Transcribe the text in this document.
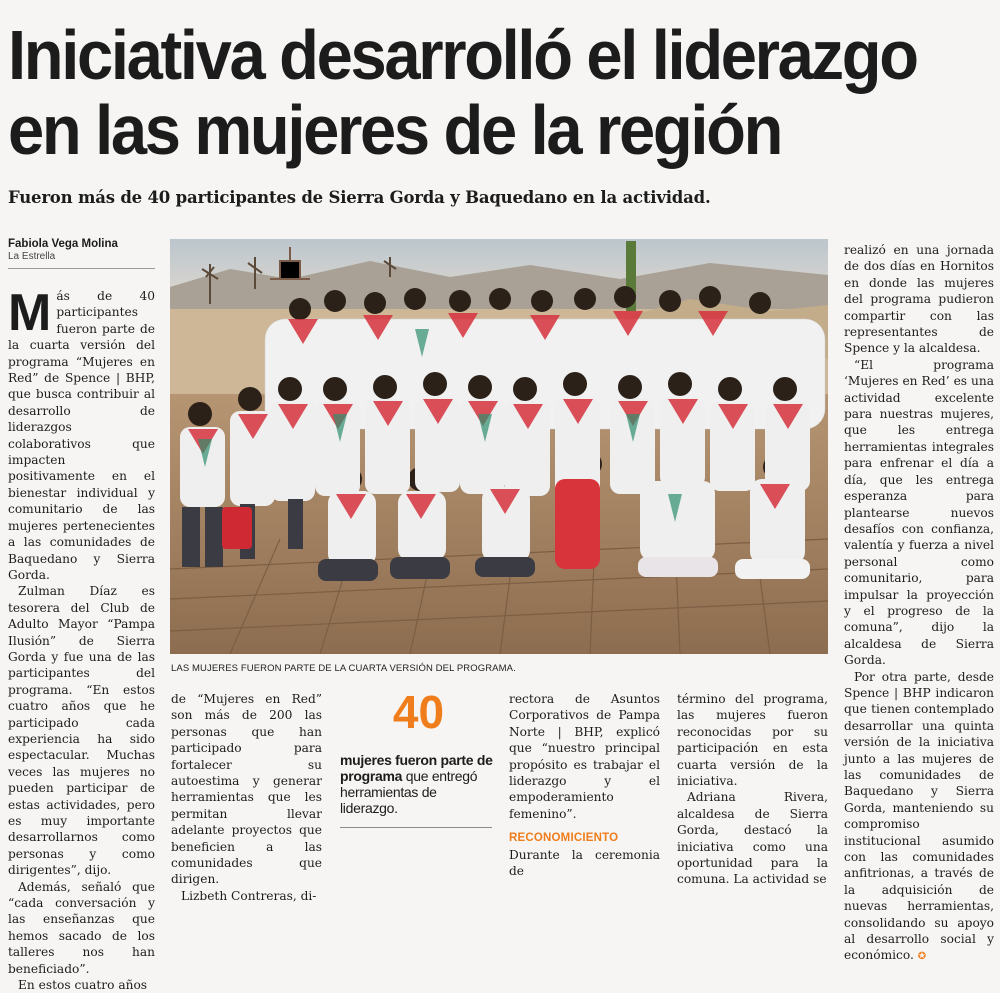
Iniciativa desarrolló el liderazgo
en las mujeres de la región
Fueron más de 40 participantes de Sierra Gorda y Baquedano en la actividad.
Fabiola Vega Molina
La Estrella

Más de 40 participantes fueron parte de la cuarta versión del programa “Mujeres en Red” de Spence | BHP, que busca contribuir al desarrollo de liderazgos colaborativos que impacten positivamente en el bienestar individual y comunitario de las mujeres pertenecientes a las comunidades de Baquedano y Sierra Gorda.

Zulman Díaz es tesorera del Club de Adulto Mayor “Pampa Ilusión” de Sierra Gorda y fue una de las participantes del programa. “En estos cuatro años que he participado cada experiencia ha sido espectacular. Muchas veces las mujeres no pueden participar de estas actividades, pero es muy importante desarrollarnos como personas y como dirigentes”, dijo.

Además, señaló que “cada conversación y las enseñanzas que hemos sacado de los talleres nos han beneficiado”.

En estos cuatro años

LAS MUJERES FUERON PARTE DE LA CUARTA VERSIÓN DEL PROGRAMA.

de “Mujeres en Red” son más de 200 las personas que han participado para fortalecer su autoestima y generar herramientas que les permitan llevar adelante proyectos que beneficien a las comunidades que dirigen.

Lizbeth Contreras, di-

40
mujeres fueron parte de programa que entregó herramientas de liderazgo.

rectora de Asuntos Corporativos de Pampa Norte | BHP, explicó que “nuestro principal propósito es trabajar el liderazgo y el empoderamiento femenino”.

RECONOMICIENTO

Durante la ceremonia de

término del programa, las mujeres fueron reconocidas por su participación en esta cuarta versión de la iniciativa.

Adriana Rivera, alcaldesa de Sierra Gorda, destacó la iniciativa como una oportunidad para la comuna. La actividad se

realizó en una jornada de dos días en Hornitos en donde las mujeres del programa pudieron compartir con las representantes de Spence y la alcaldesa.

“El programa ‘Mujeres en Red’ es una actividad excelente para nuestras mujeres, que les entrega herramientas integrales para enfrenar el día a día, que les entrega esperanza para plantearse nuevos desafíos con confianza, valentía y fuerza a nivel personal como comunitario, para impulsar la proyección y el progreso de la comuna”, dijo la alcaldesa de Sierra Gorda.

Por otra parte, desde Spence | BHP indicaron que tienen contemplado desarrollar una quinta versión de la iniciativa junto a las mujeres de las comunidades de Baquedano y Sierra Gorda, manteniendo su compromiso institucional asumido con las comunidades anfitrionas, a través de la adquisición de nuevas herramientas, consolidando su apoyo al desarrollo social y económico. ✪
